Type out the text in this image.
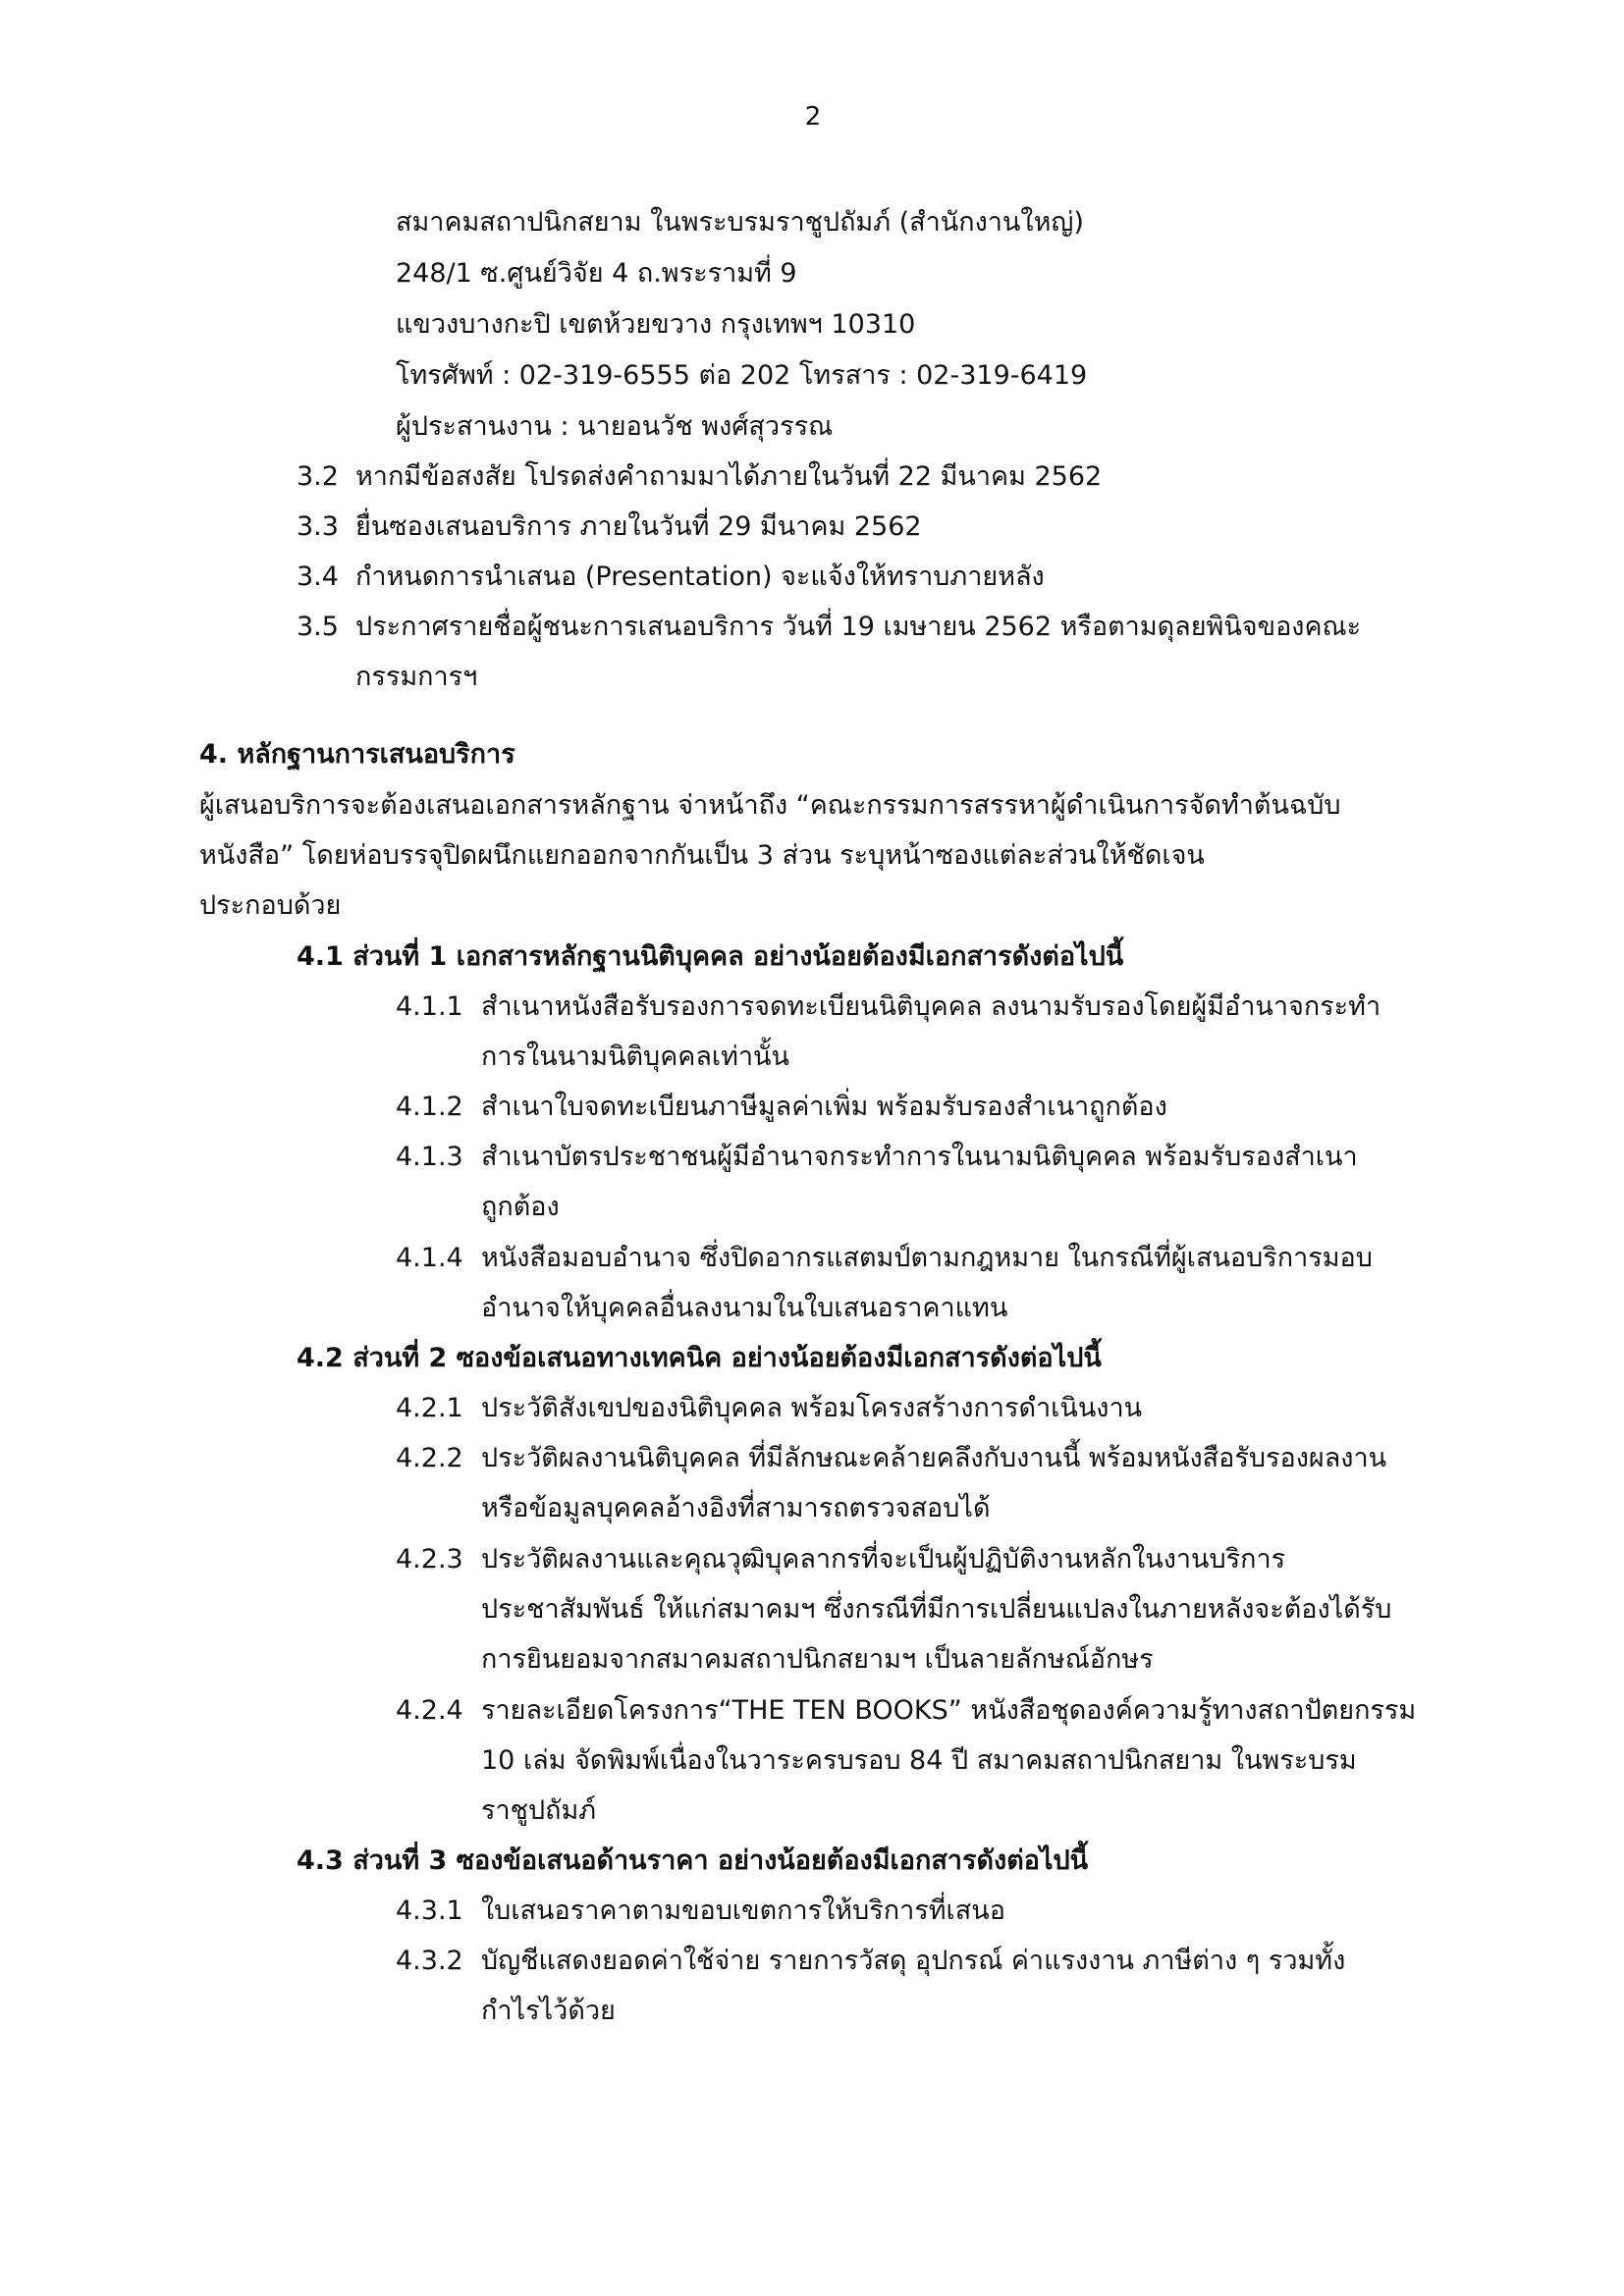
2
สมาคมสถาปนิกสยาม ในพระบรมราชูปถัมภ์ (สำนักงานใหญ่)
248/1 ซ.ศูนย์วิจัย 4 ถ.พระรามที่ 9
แขวงบางกะปิ เขตห้วยขวาง กรุงเทพฯ 10310
โทรศัพท์ : 02-319-6555 ต่อ 202 โทรสาร : 02-319-6419
ผู้ประสานงาน : นายอนวัช พงศ์สุวรรณ
3.2 หากมีข้อสงสัย โปรดส่งคำถามมาได้ภายในวันที่ 22 มีนาคม 2562
3.3 ยื่นซองเสนอบริการ ภายในวันที่ 29 มีนาคม 2562
3.4 กำหนดการนำเสนอ (Presentation) จะแจ้งให้ทราบภายหลัง
3.5 ประกาศรายชื่อผู้ชนะการเสนอบริการ วันที่ 19 เมษายน 2562 หรือตามดุลยพินิจของคณะ
กรรมการฯ
4. หลักฐานการเสนอบริการ
ผู้เสนอบริการจะต้องเสนอเอกสารหลักฐาน จ่าหน้าถึง “คณะกรรมการสรรหาผู้ดำเนินการจัดทำต้นฉบับ
หนังสือ” โดยห่อบรรจุปิดผนึกแยกออกจากกันเป็น 3 ส่วน ระบุหน้าซองแต่ละส่วนให้ชัดเจน
ประกอบด้วย
4.1 ส่วนที่ 1 เอกสารหลักฐานนิติบุคคล อย่างน้อยต้องมีเอกสารดังต่อไปนี้
4.1.1 สำเนาหนังสือรับรองการจดทะเบียนนิติบุคคล ลงนามรับรองโดยผู้มีอำนาจกระทำ
การในนามนิติบุคคลเท่านั้น
4.1.2 สำเนาใบจดทะเบียนภาษีมูลค่าเพิ่ม พร้อมรับรองสำเนาถูกต้อง
4.1.3 สำเนาบัตรประชาชนผู้มีอำนาจกระทำการในนามนิติบุคคล พร้อมรับรองสำเนา
ถูกต้อง
4.1.4 หนังสือมอบอำนาจ ซึ่งปิดอากรแสตมป์ตามกฎหมาย ในกรณีที่ผู้เสนอบริการมอบ
อำนาจให้บุคคลอื่นลงนามในใบเสนอราคาแทน
4.2 ส่วนที่ 2 ซองข้อเสนอทางเทคนิค อย่างน้อยต้องมีเอกสารดังต่อไปนี้
4.2.1 ประวัติสังเขปของนิติบุคคล พร้อมโครงสร้างการดำเนินงาน
4.2.2 ประวัติผลงานนิติบุคคล ที่มีลักษณะคล้ายคลึงกับงานนี้ พร้อมหนังสือรับรองผลงาน
หรือข้อมูลบุคคลอ้างอิงที่สามารถตรวจสอบได้
4.2.3 ประวัติผลงานและคุณวุฒิบุคลากรที่จะเป็นผู้ปฏิบัติงานหลักในงานบริการ
ประชาสัมพันธ์ ให้แก่สมาคมฯ ซึ่งกรณีที่มีการเปลี่ยนแปลงในภายหลังจะต้องได้รับ
การยินยอมจากสมาคมสถาปนิกสยามฯ เป็นลายลักษณ์อักษร
4.2.4 รายละเอียดโครงการ“THE TEN BOOKS” หนังสือชุดองค์ความรู้ทางสถาปัตยกรรม
10 เล่ม จัดพิมพ์เนื่องในวาระครบรอบ 84 ปี สมาคมสถาปนิกสยาม ในพระบรม
ราชูปถัมภ์
4.3 ส่วนที่ 3 ซองข้อเสนอด้านราคา อย่างน้อยต้องมีเอกสารดังต่อไปนี้
4.3.1 ใบเสนอราคาตามขอบเขตการให้บริการที่เสนอ
4.3.2 บัญชีแสดงยอดค่าใช้จ่าย รายการวัสดุ อุปกรณ์ ค่าแรงงาน ภาษีต่าง ๆ รวมทั้ง
กำไรไว้ด้วย
